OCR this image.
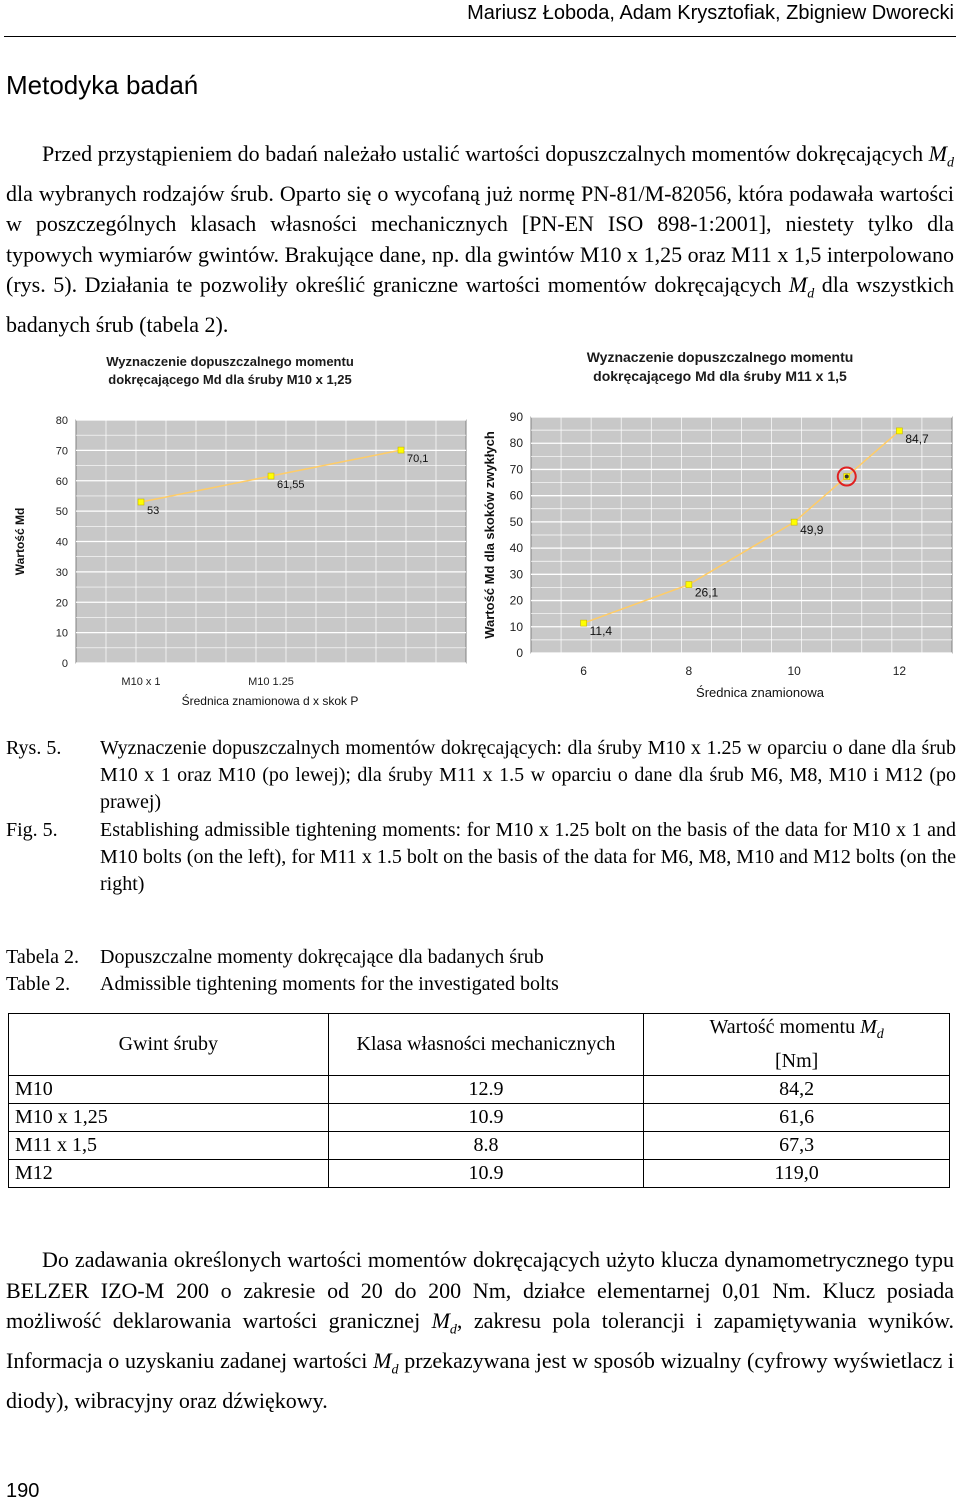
Mariusz Łoboda, Adam Krysztofiak, Zbigniew Dworecki
Metodyka badań

Przed przystąpieniem do badań należało ustalić wartości dopuszczalnych momentów dokręcających $M_d$ dla wybranych rodzajów śrub. Oparto się o wycofaną już normę PN-81/M-82056, która podawała wartości w poszczególnych klasach własności mechanicznych [PN-EN ISO 898-1:2001], niestety tylko dla typowych wymiarów gwintów. Brakujące dane, np. dla gwintów M10 x 1,25 oraz M11 x 1,5 interpolowano (rys. 5). Działania te pozwoliły określić graniczne wartości momentów dokręcających $M_d$ dla wszystkich badanych śrub (tabela 2).

Wyznaczenie dopuszczalnego momentu
dokręcającego Md dla śruby M10 x 1,25
0
10
20
30
40
50
60
70
80
M10 x 1	M10 1.25
Średnica znamionowa d x skok P
Wartość Md	53
61,55
70,1
Wyznaczenie dopuszczalnego momentu
dokręcającego Md dla śruby M11 x 1,5
0
10
20
30
40
50
60
70
80
90
6	8	10	12
Średnica znamionowa
Wartość Md dla skoków zwykłych	11,4
26,1
49,9
84,7
Rys. 5. Wyznaczenie dopuszczalnych momentów dokręcających: dla śruby M10 x 1.25 w oparciu o dane dla śrub M10 x 1 oraz M10 (po lewej); dla śruby M11 x 1.5 w oparciu o dane dla śrub M6, M8, M10 i M12 (po prawej)
Fig. 5. Establishing admissible tightening moments: for M10 x 1.25 bolt on the basis of the data for M10 x 1 and M10 bolts (on the left), for M11 x 1.5 bolt on the basis of the data for M6, M8, M10 and M12 bolts (on the right)
Tabela 2. Dopuszczalne momenty dokręcające dla badanych śrub
Table 2. Admissible tightening moments for the investigated bolts
Gwint śruby	Klasa własności mechanicznych	Wartość momentu $M_d$
[Nm]
M10	12.9	84,2
M10 x 1,25	10.9	61,6
M11 x 1,5	8.8	67,3
M12	10.9	119,0

Do zadawania określonych wartości momentów dokręcających użyto klucza dynamometrycznego typu BELZER IZO-M 200 o zakresie od 20 do 200 Nm, działce elementarnej 0,01 Nm. Klucz posiada możliwość deklarowania wartości granicznej $M_d$, zakresu pola tolerancji i zapamiętywania wyników. Informacja o uzyskaniu zadanej wartości $M_d$ przekazywana jest w sposób wizualny (cyfrowy wyświetlacz i diody), wibracyjny oraz dźwiękowy.

190
